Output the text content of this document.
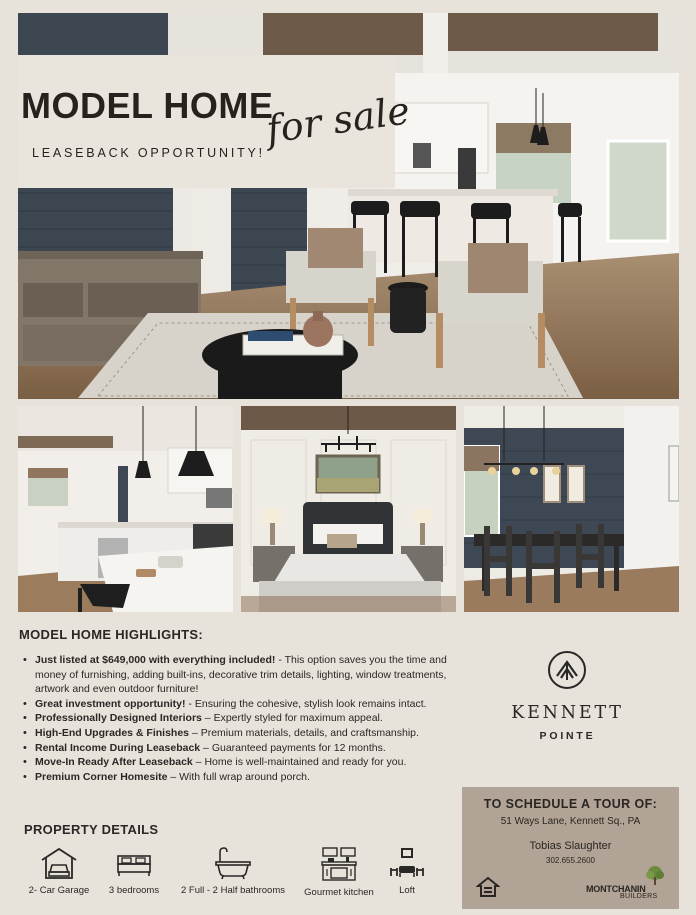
MODEL HOME
for sale
LEASEBACK OPPORTUNITY!
MODEL HOME HIGHLIGHTS:
• Just listed at $649,000 with everything included! - This option saves you the time and money of furnishing, adding built-ins, decorative trim details, lighting, window treatments, artwork and even outdoor furniture!
• Great investment opportunity! - Ensuring the cohesive, stylish look remains intact.
• Professionally Designed Interiors – Expertly styled for maximum appeal.
• High-End Upgrades & Finishes – Premium materials, details, and craftsmanship.
• Rental Income During Leaseback – Guaranteed payments for 12 months.
• Move-In Ready After Leaseback – Home is well-maintained and ready for you.
• Premium Corner Homesite – With full wrap around porch.
KENNETT
POINTE
TO SCHEDULE A TOUR OF:
51 Ways Lane, Kennett Sq., PA
Tobias Slaughter
302.655.2600
MONTCHANIN
BUILDERS
PROPERTY DETAILS
2- Car Garage	3 bedrooms	2 Full - 2 Half bathrooms	Gourmet kitchen	Loft
